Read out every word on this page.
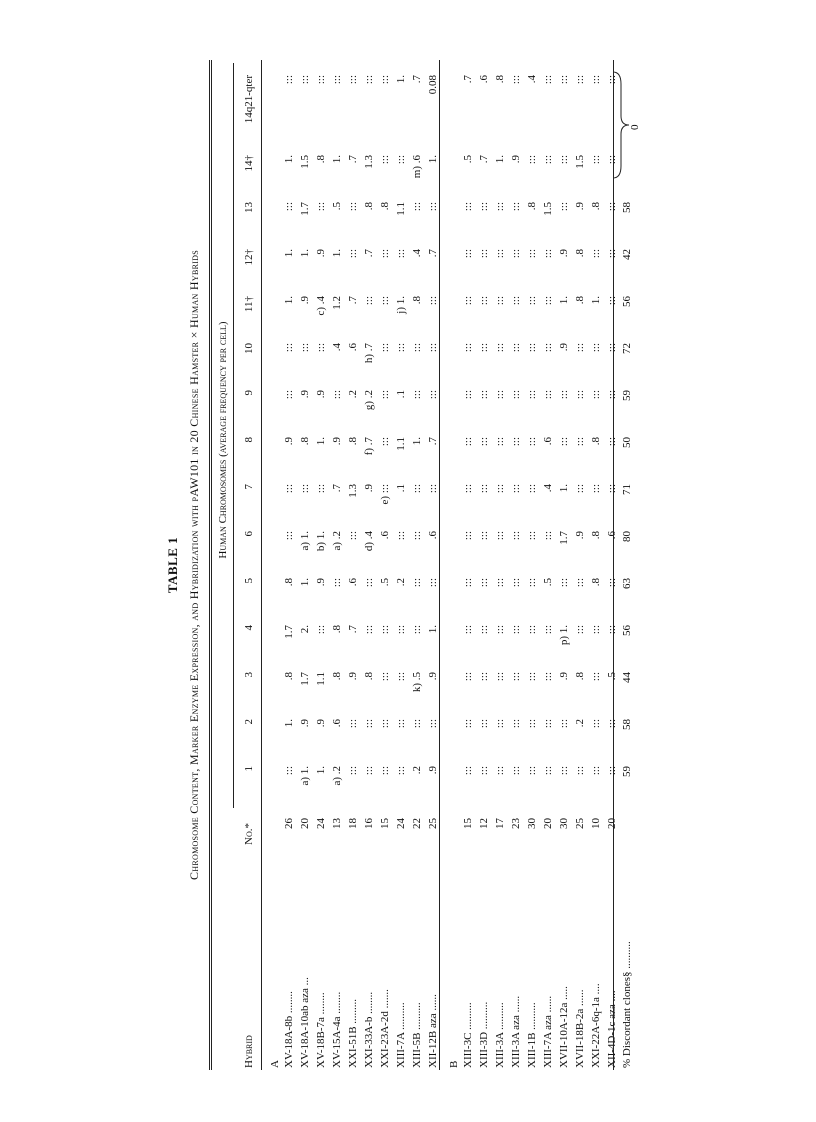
TABLE 1 Chromosome Content, Marker Enzyme Expression, and Hybridization with pAW101 in 20 Chinese Hamster × Human Hybrids Human Chromosomes (average frequency per cell)
Hybrid
No.*
1
2
3
4
5
6
7
8
9
10
11†
12†
13
14†
14q21-qter
A XV-18A-8b ........
26
:::
1.
.8
1.7
.8
:::
:::
.9
:::
:::
1.
1.
:::
1.
:::
XV-18A-10ab aza ...
20
a) 1.
.9
1.7
2.
1.
a) 1.
:::
.8
.9
:::
.9
1.
1.7
1.5
:::
XV-18B-7a ........
24
1.
.9
1.1
:::
.9
b) 1.
:::
1.
.9
:::
c) .4
.9
:::
.8
:::
XV-15A-4a ........
13
a) .2
.6
.8
.8
:::
a) .2
.7
.9
:::
.4
1.2
1.
.5
1.
:::
XXI-51B .........
18
:::
:::
.9
.7
.6
:::
1.3
.8
.2
.6
.7
:::
:::
.7
:::
XXI-33A-b ........
16
:::
:::
.8
:::
:::
d) .4
.9
f) .7
g) .2
h) .7
:::
.7
.8
1.3
:::
XXI-23A-2d .......
15
:::
:::
:::
:::
.5
.6
e) :::
:::
:::
:::
:::
:::
.8
:::
:::
XIII-7A ..........
24
:::
:::
:::
:::
.2
:::
.1
1.1
.1
:::
j) 1.
:::
1.1
:::
1.
XIII-5B ..........
22
.2
:::
k) .5
:::
:::
:::
:::
1.
:::
:::
.8
.4
:::
m) .6
.7
XII-12B aza ......
25
.9
:::
.9
1.
:::
.6
:::
.7
:::
:::
:::
.7
:::
1.
0.08
B XIII-3C ..........
15
:::
:::
:::
:::
:::
:::
:::
:::
:::
:::
:::
:::
:::
.5
.7
XIII-3D ..........
12
:::
:::
:::
:::
:::
:::
:::
:::
:::
:::
:::
:::
:::
.7
.6
XIII-3A ..........
17
:::
:::
:::
:::
:::
:::
:::
:::
:::
:::
:::
:::
:::
1.
.8
XIII-3A aza ......
23
:::
:::
:::
:::
:::
:::
:::
:::
:::
:::
:::
:::
:::
.9
:::
XIII-1B ..........
30
:::
:::
:::
:::
:::
:::
:::
:::
:::
:::
:::
:::
.8
:::
.4
XIII-7A aza ......
20
:::
:::
:::
:::
.5
:::
.4
.6
:::
:::
:::
:::
1.5
:::
:::
XVII-10A-12a .....
30
:::
:::
.9
p) 1.
:::
1.7
1.
:::
:::
.9
1.
.9
:::
:::
:::
XVII-18B-2a ......
25
:::
.2
.8
:::
:::
.9
:::
:::
:::
:::
.8
.8
.9
1.5
:::
XXI-22A-6q-1a ....
10
:::
:::
:::
:::
.8
.8
:::
.8
:::
:::
1.
:::
.8
:::
:::
XII-4D-1c aza ....
20
:::
:::
.5
:::
:::
.6
:::
:::
:::
:::
:::
:::
:::
:::
:::
% Discordant clones§ ..........
59
58
44
56
63
80
71
50
59
72
56
42
58
0
